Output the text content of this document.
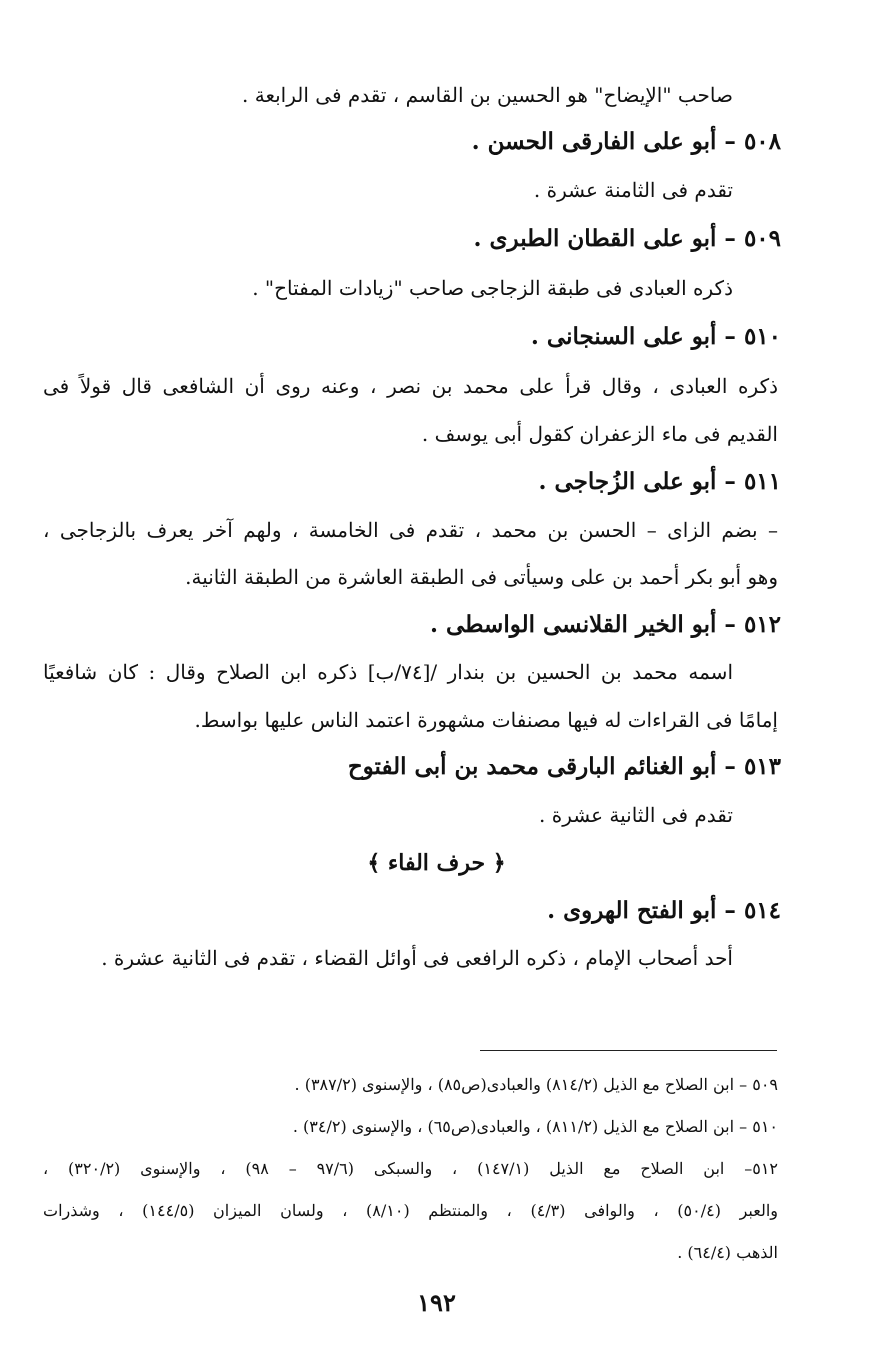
صاحب "الإيضاح" هو الحسين بن القاسم ، تقدم فى الرابعة .
٥٠٨ – أبو على الفارقى الحسن .
تقدم فى الثامنة عشرة .
٥٠٩ – أبو على القطان الطبرى .
ذكره العبادى فى طبقة الزجاجى صاحب "زيادات المفتاح" .
٥١٠ – أبو على السنجانى .
ذكره العبادى ، وقال قرأ على محمد بن نصر ، وعنه روى أن الشافعى قال قولاً فى
القديم فى ماء الزعفران كقول أبى يوسف .
٥١١ – أبو على الزُجاجى .
– بضم الزاى – الحسن بن محمد ، تقدم فى الخامسة ، ولهم آخر يعرف بالزجاجى ،
وهو أبو بكر أحمد بن على وسيأتى فى الطبقة العاشرة من الطبقة الثانية.
٥١٢ – أبو الخير القلانسى الواسطى .
اسمه محمد بن الحسين بن بندار /[٧٤/ب] ذكره ابن الصلاح وقال : كان شافعيًا
إمامًا فى القراءات له فيها مصنفات مشهورة اعتمد الناس عليها بواسط.
٥١٣ – أبو الغنائم البارقى محمد بن أبى الفتوح
تقدم فى الثانية عشرة .
﴿ حرف الفاء ﴾
٥١٤ – أبو الفتح الهروى .
أحد أصحاب الإمام ، ذكره الرافعى فى أوائل القضاء ، تقدم فى الثانية عشرة .
٥٠٩ – ابن الصلاح مع الذيل (٨١٤/٢) والعبادى(ص٨٥) ، والإسنوى (٣٨٧/٢) .
٥١٠ – ابن الصلاح مع الذيل (٨١١/٢) ، والعبادى(ص٦٥) ، والإسنوى (٣٤/٢) .
٥١٢– ابن الصلاح مع الذيل (١٤٧/١) ، والسبكى (٩٧/٦ – ٩٨) ، والإسنوى (٣٢٠/٢) ،
والعبر (٥٠/٤) ، والوافى (٤/٣) ، والمنتظم (٨/١٠) ، ولسان الميزان (١٤٤/٥) ، وشذرات
الذهب (٦٤/٤) .
١٩٢
